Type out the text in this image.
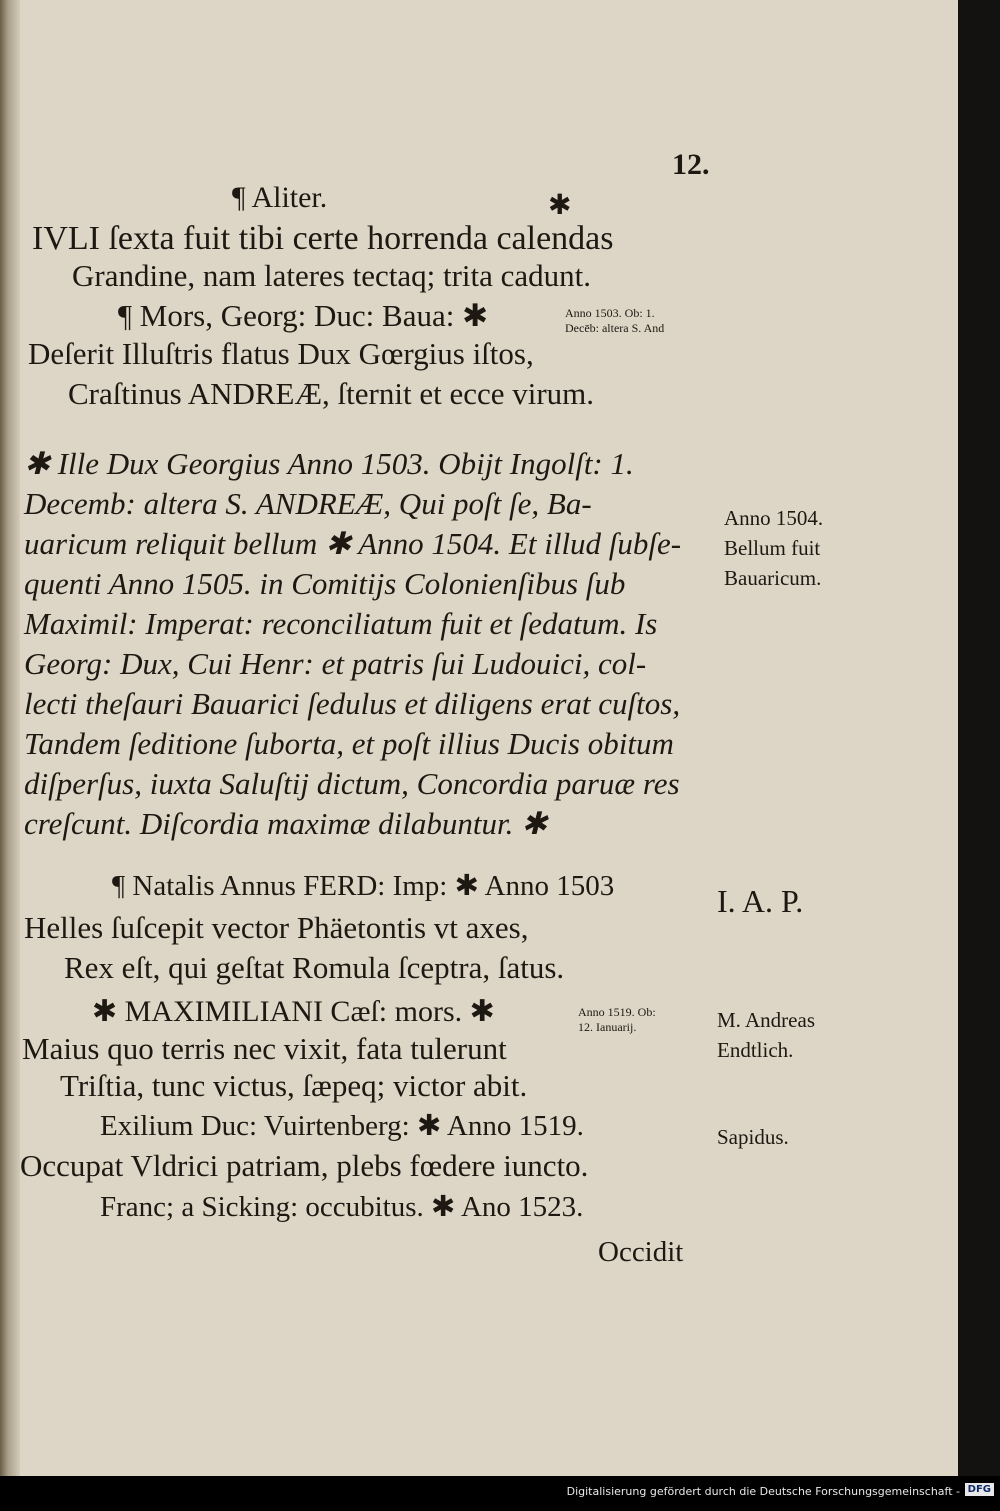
12.
¶ Aliter.	✱
IVLI ſexta fuit tibi certe horrenda calendas
Grandine, nam lateres tectaq; trita cadunt.
¶ Mors, Georg: Duc: Baua: ✱	Anno 1503. Ob: 1.
Decēb: altera S. And
Deſerit Illuſtris flatus Dux Gœrgius iſtos,
Craſtinus ANDREÆ, ſternit et ecce virum.
✱ Ille Dux Georgius Anno 1503. Obijt Ingolſt: 1.
Decemb: altera S. ANDREÆ, Qui poſt ſe, Ba-
uaricum reliquit bellum ✱ Anno 1504. Et illud ſubſe-
quenti Anno 1505. in Comitijs Colonienſibus ſub
Maximil: Imperat: reconciliatum fuit et ſedatum. Is
Georg: Dux, Cui Henr: et patris ſui Ludouici, col-
lecti theſauri Bauarici ſedulus et diligens erat cuſtos,
Tandem ſeditione ſuborta, et poſt illius Ducis obitum
diſperſus, iuxta Saluſtij dictum, Concordia paruæ res
creſcunt. Diſcordia maximæ dilabuntur. ✱
Anno 1504.
Bellum fuit
Bauaricum.
I. A. P.
M. Andreas
Endtlich.
Sapidus.
¶ Natalis Annus FERD: Imp: ✱ Anno 1503
Helles ſuſcepit vector Phäetontis vt axes,
Rex eſt, qui geſtat Romula ſceptra, ſatus.
✱ MAXIMILIANI Cæſ: mors. ✱	Anno 1519. Ob:
12. Ianuarij.
Maius quo terris nec vixit, fata tulerunt
Triſtia, tunc victus, ſæpeq; victor abit.
Exilium Duc: Vuirtenberg: ✱ Anno 1519.
Occupat Vldrici patriam, plebs fœdere iuncto.
Franc; a Sicking: occubitus. ✱ Ano 1523.
Occidit
Digitalisierung gefördert durch die Deutsche Forschungsgemeinschaft - DFG
